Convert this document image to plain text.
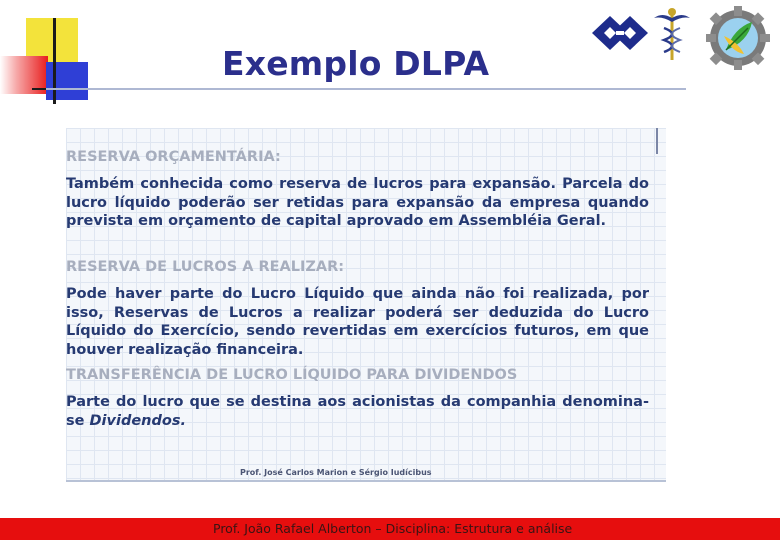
Exemplo DLPA
RESERVA ORÇAMENTÁRIA:
Também conhecida como reserva de lucros para expansão. Parcela do lucro líquido poderão ser retidas para expansão da empresa quando prevista em orçamento de capital aprovado em Assembléia Geral.
RESERVA DE LUCROS A REALIZAR:
Pode haver parte do Lucro Líquido que ainda não foi realizada, por isso, Reservas de Lucros a realizar poderá ser deduzida do Lucro Líquido do Exercício, sendo revertidas em exercícios futuros, em que houver realização financeira.
TRANSFERÊNCIA DE LUCRO LÍQUIDO PARA DIVIDENDOS
Parte do lucro que se destina aos acionistas da companhia denomina-se Dividendos.
Prof. José Carlos Marion e Sérgio Iudícibus
Prof. João Rafael Alberton – Disciplina: Estrutura e análise
